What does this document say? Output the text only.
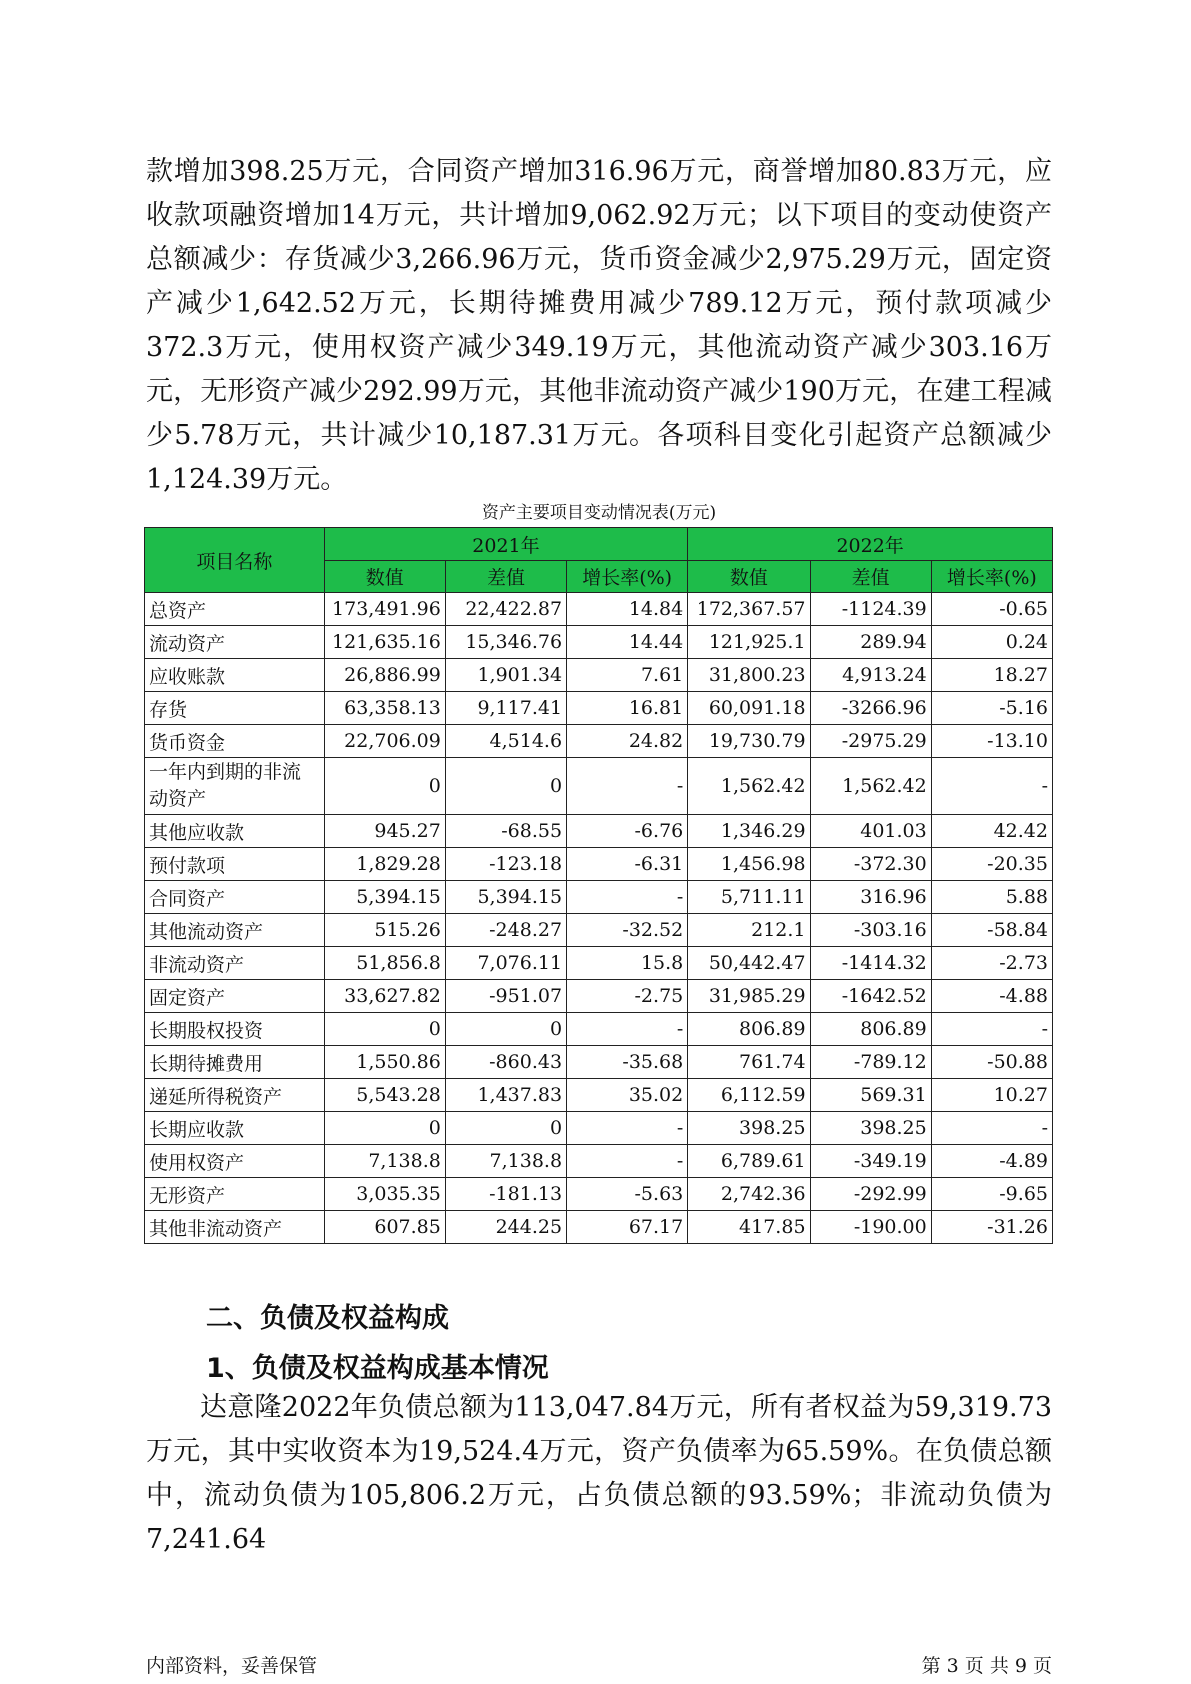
款增加398.25万元，合同资产增加316.96万元，商誉增加80.83万元，应收款项融资增加14万元，共计增加9,062.92万元；以下项目的变动使资产总额减少：存货减少3,266.96万元，货币资金减少2,975.29万元，固定资产减少1,642.52万元，长期待摊费用减少789.12万元，预付款项减少372.3万元，使用权资产减少349.19万元，其他流动资产减少303.16万元，无形资产减少292.99万元，其他非流动资产减少190万元，在建工程减少5.78万元，共计减少10,187.31万元。各项科目变化引起资产总额减少1,124.39万元。

资产主要项目变动情况表(万元)
项目名称	2021年			2022年		
	数值	差值	增长率(%)	数值	差值	增长率(%)
总资产	173,491.96	22,422.87	14.84	172,367.57	-1124.39	-0.65
流动资产	121,635.16	15,346.76	14.44	121,925.1	289.94	0.24
应收账款	26,886.99	1,901.34	7.61	31,800.23	4,913.24	18.27
存货	63,358.13	9,117.41	16.81	60,091.18	-3266.96	-5.16
货币资金	22,706.09	4,514.6	24.82	19,730.79	-2975.29	-13.10
一年内到期的非流动资产	0	0	-	1,562.42	1,562.42	-
其他应收款	945.27	-68.55	-6.76	1,346.29	401.03	42.42
预付款项	1,829.28	-123.18	-6.31	1,456.98	-372.30	-20.35
合同资产	5,394.15	5,394.15	-	5,711.11	316.96	5.88
其他流动资产	515.26	-248.27	-32.52	212.1	-303.16	-58.84
非流动资产	51,856.8	7,076.11	15.8	50,442.47	-1414.32	-2.73
固定资产	33,627.82	-951.07	-2.75	31,985.29	-1642.52	-4.88
长期股权投资	0	0	-	806.89	806.89	-
长期待摊费用	1,550.86	-860.43	-35.68	761.74	-789.12	-50.88
递延所得税资产	5,543.28	1,437.83	35.02	6,112.59	569.31	10.27
长期应收款	0	0	-	398.25	398.25	-
使用权资产	7,138.8	7,138.8	-	6,789.61	-349.19	-4.89
无形资产	3,035.35	-181.13	-5.63	2,742.36	-292.99	-9.65
其他非流动资产	607.85	244.25	67.17	417.85	-190.00	-31.26
二、负债及权益构成
1、负债及权益构成基本情况

达意隆2022年负债总额为113,047.84万元，所有者权益为59,319.73万元，其中实收资本为19,524.4万元，资产负债率为65.59%。在负债总额中，流动负债为105,806.2万元，占负债总额的93.59%；非流动负债为7,241.64

内部资料，妥善保管	第 3 页 共 9 页
